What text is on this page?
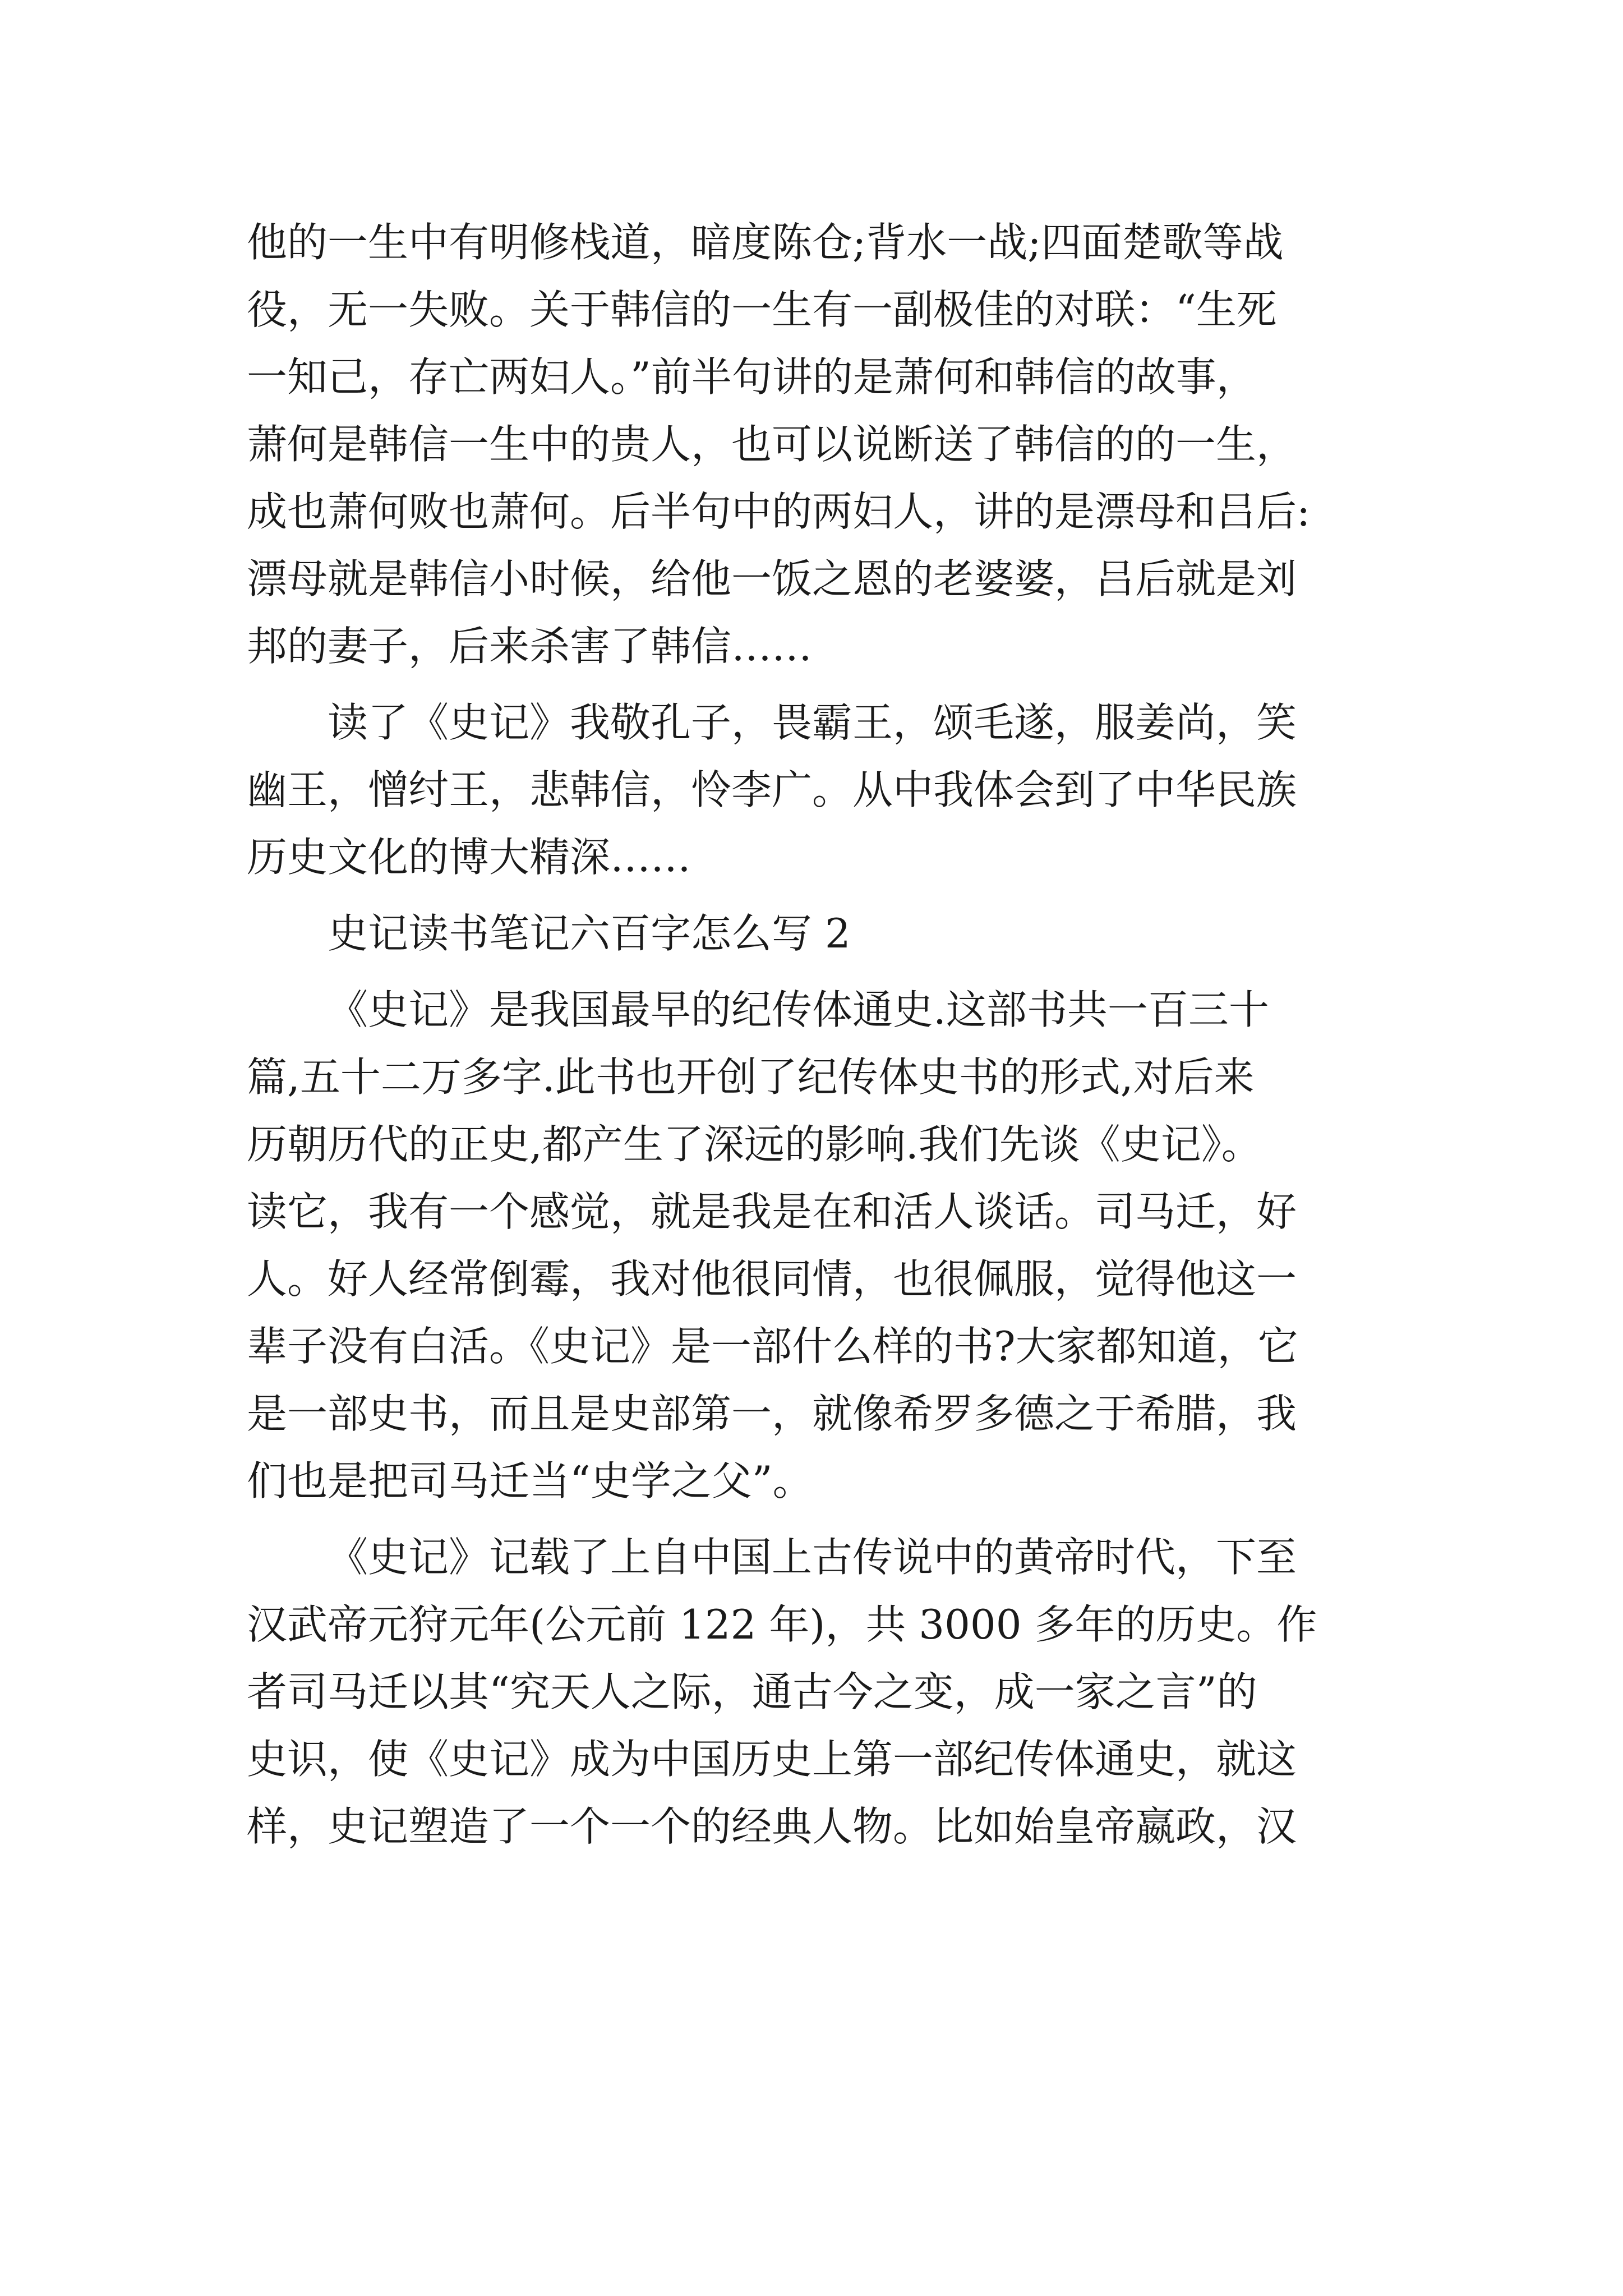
他的一生中有明修栈道，暗度陈仓;背水一战;四面楚歌等战
役，无一失败。关于韩信的一生有一副极佳的对联：“生死
一知己，存亡两妇人。”前半句讲的是萧何和韩信的故事，
萧何是韩信一生中的贵人，也可以说断送了韩信的的一生，
成也萧何败也萧何。后半句中的两妇人，讲的是漂母和吕后:
漂母就是韩信小时候，给他一饭之恩的老婆婆，吕后就是刘
邦的妻子，后来杀害了韩信……

读了《史记》我敬孔子，畏霸王，颂毛遂，服姜尚，笑
幽王，憎纣王，悲韩信，怜李广。从中我体会到了中华民族
历史文化的博大精深……

史记读书笔记六百字怎么写 2

《史记》是我国最早的纪传体通史.这部书共一百三十
篇,五十二万多字.此书也开创了纪传体史书的形式,对后来
历朝历代的正史,都产生了深远的影响.我们先谈《史记》。
读它，我有一个感觉，就是我是在和活人谈话。司马迁，好
人。好人经常倒霉，我对他很同情，也很佩服，觉得他这一
辈子没有白活。《史记》是一部什么样的书?大家都知道，它
是一部史书，而且是史部第一，就像希罗多德之于希腊，我
们也是把司马迁当“史学之父”。

《史记》记载了上自中国上古传说中的黄帝时代，下至
汉武帝元狩元年(公元前 122 年)，共 3000 多年的历史。作
者司马迁以其“究天人之际，通古今之变，成一家之言”的
史识，使《史记》成为中国历史上第一部纪传体通史，就这
样，史记塑造了一个一个的经典人物。比如始皇帝嬴政，汉
